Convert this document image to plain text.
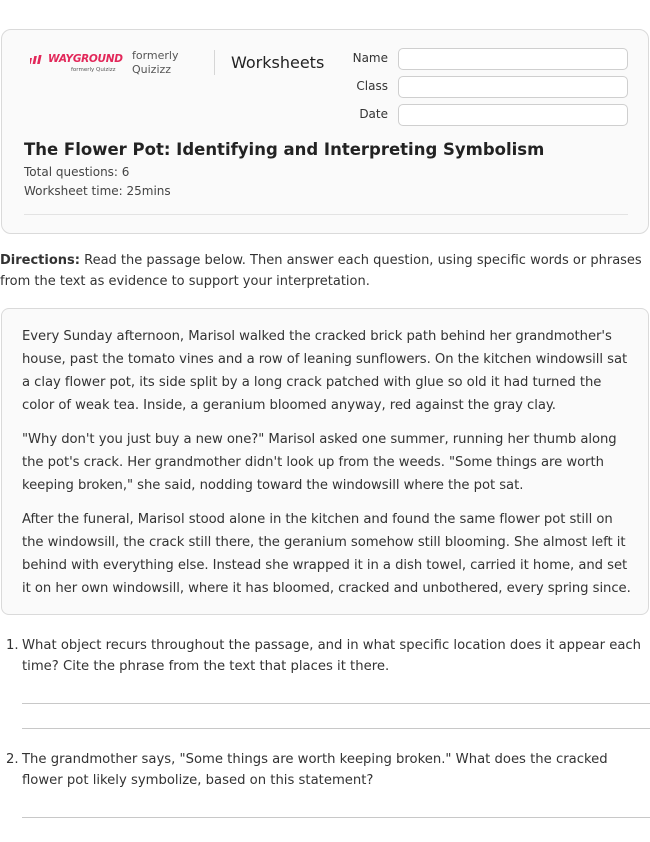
WAYGROUND
formerly Quizizz
formerly
Quizizz	Worksheets Name
Class
Date
The Flower Pot: Identifying and Interpreting Symbolism
Total questions: 6
Worksheet time: 25mins
Directions: Read the passage below. Then answer each question, using specific words or phrases from the text as evidence to support your interpretation.

Every Sunday afternoon, Marisol walked the cracked brick path behind her grandmother's house, past the tomato vines and a row of leaning sunflowers. On the kitchen windowsill sat a clay flower pot, its side split by a long crack patched with glue so old it had turned the color of weak tea. Inside, a geranium bloomed anyway, red against the gray clay.

"Why don't you just buy a new one?" Marisol asked one summer, running her thumb along the pot's crack. Her grandmother didn't look up from the weeds. "Some things are worth keeping broken," she said, nodding toward the windowsill where the pot sat.

After the funeral, Marisol stood alone in the kitchen and found the same flower pot still on the windowsill, the crack still there, the geranium somehow still blooming. She almost left it behind with everything else. Instead she wrapped it in a dish towel, carried it home, and set it on her own windowsill, where it has bloomed, cracked and unbothered, every spring since.

1. What object recurs throughout the passage, and in what specific location does it appear each time? Cite the phrase from the text that places it there.
2. The grandmother says, "Some things are worth keeping broken." What does the cracked flower pot likely symbolize, based on this statement?
